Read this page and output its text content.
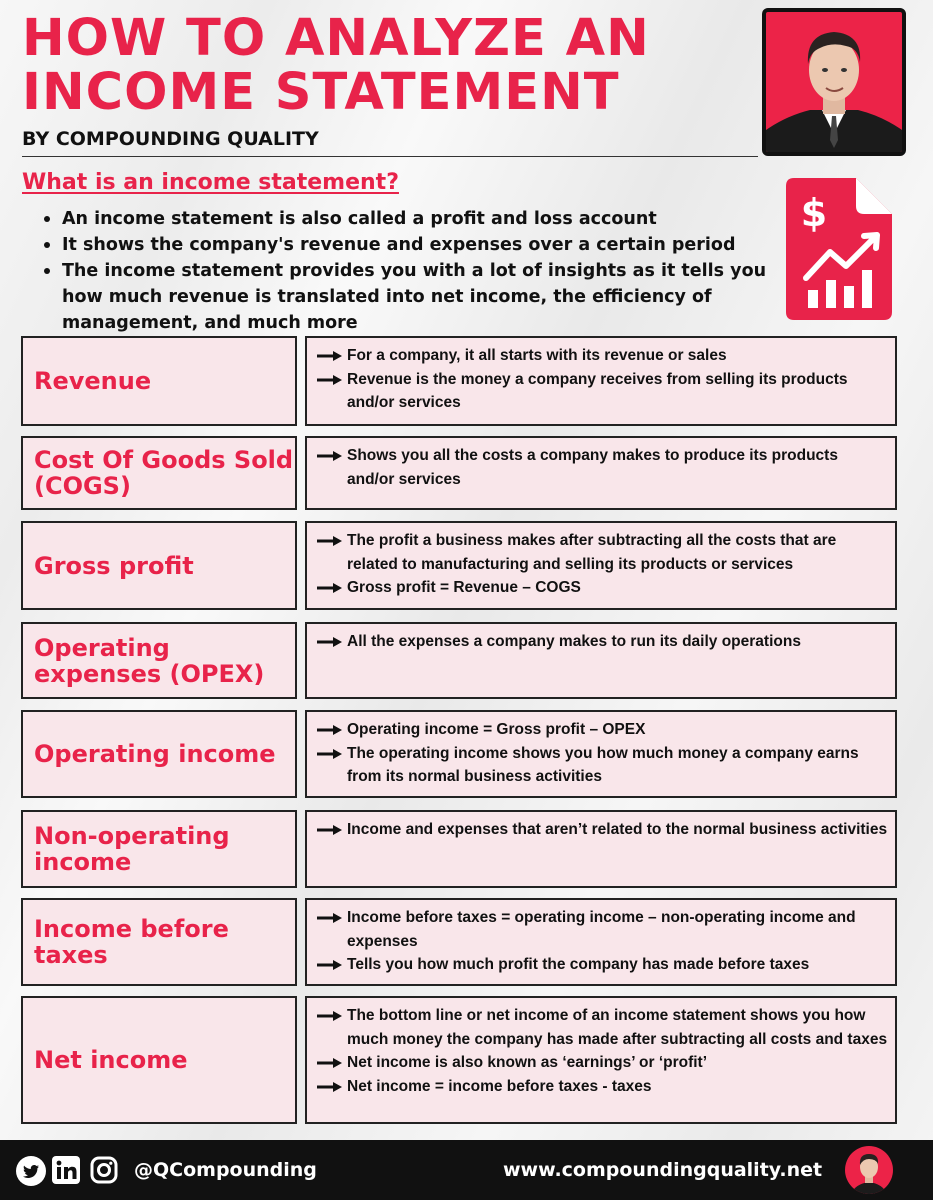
HOW TO ANALYZE AN INCOME STATEMENT
BY COMPOUNDING QUALITY
What is an income statement?
An income statement is also called a profit and loss account
It shows the company's revenue and expenses over a certain period
The income statement provides you with a lot of insights as it tells you how much revenue is translated into net income, the efficiency of management, and much more
$
Revenue
For a company, it all starts with its revenue or sales
Revenue is the money a company receives from selling its products and/or services
Cost Of Goods Sold (COGS)
Shows you all the costs a company makes to produce its products and/or services
Gross profit
The profit a business makes after subtracting all the costs that are related to manufacturing and selling its products or services
Gross profit = Revenue – COGS
Operating expenses (OPEX)
All the expenses a company makes to run its daily operations
Operating income
Operating income = Gross profit – OPEX
The operating income shows you how much money a company earns from its normal business activities
Non-operating income
Income and expenses that aren’t related to the normal business activities
Income before taxes
Income before taxes = operating income – non-operating income and expenses
Tells you how much profit the company has made before taxes
Net income
The bottom line or net income of an income statement shows you how much money the company has made after subtracting all costs and taxes
Net income is also known as ‘earnings’ or ‘profit’
Net income = income before taxes - taxes
@QCompounding	www.compoundingquality.net
